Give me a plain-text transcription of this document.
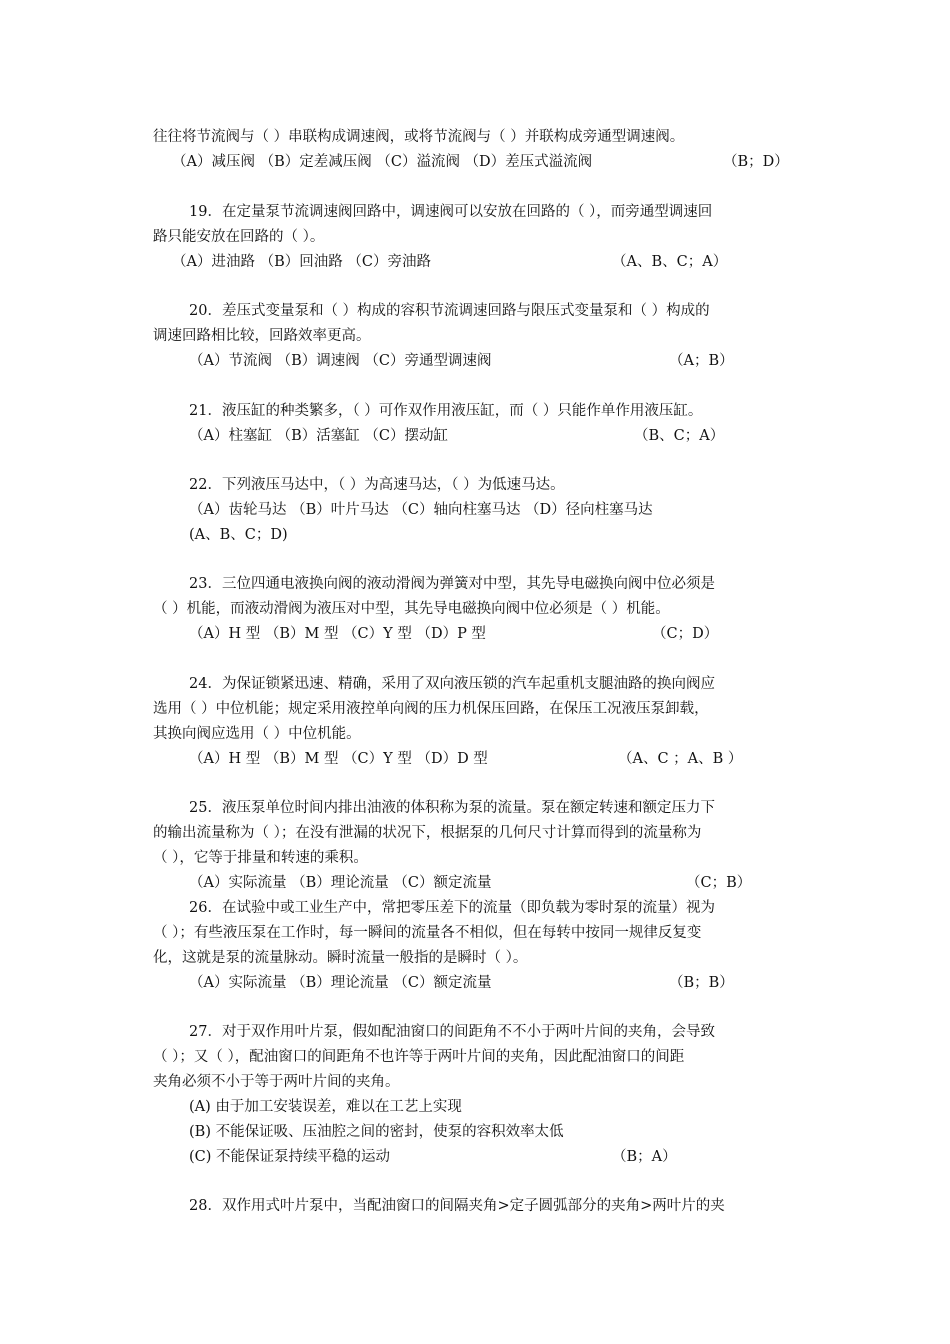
往往将节流阀与（ ）串联构成调速阀，或将节流阀与（ ）并联构成旁通型调速阀。
（A）减压阀 （B）定差减压阀 （C）溢流阀 （D）差压式溢流阀	（B；D）
19．在定量泵节流调速阀回路中，调速阀可以安放在回路的（ ），而旁通型调速回
路只能安放在回路的（ ）。
（A）进油路 （B）回油路 （C）旁油路	（A、B、C；A）
20．差压式变量泵和（ ）构成的容积节流调速回路与限压式变量泵和（ ）构成的
调速回路相比较，回路效率更高。
（A）节流阀 （B）调速阀 （C）旁通型调速阀	（A；B）
21．液压缸的种类繁多，（ ）可作双作用液压缸，而（ ）只能作单作用液压缸。
（A）柱塞缸 （B）活塞缸 （C）摆动缸	（B、C；A）
22．下列液压马达中，（ ）为高速马达，（ ）为低速马达。
（A）齿轮马达 （B）叶片马达 （C）轴向柱塞马达 （D）径向柱塞马达
(A、B、C；D)
23．三位四通电液换向阀的液动滑阀为弹簧对中型，其先导电磁换向阀中位必须是
（ ）机能，而液动滑阀为液压对中型，其先导电磁换向阀中位必须是（ ）机能。
（A）H 型 （B）M 型 （C）Y 型 （D）P 型	（C；D）
24．为保证锁紧迅速、精确，采用了双向液压锁的汽车起重机支腿油路的换向阀应
选用（ ）中位机能；规定采用液控单向阀的压力机保压回路，在保压工况液压泵卸载，
其换向阀应选用（ ）中位机能。
（A）H 型 （B）M 型 （C）Y 型 （D）D 型	（A、C ；A、B ）
25．液压泵单位时间内排出油液的体积称为泵的流量。泵在额定转速和额定压力下
的输出流量称为（ ）；在没有泄漏的状况下，根据泵的几何尺寸计算而得到的流量称为
（ ），它等于排量和转速的乘积。
（A）实际流量 （B）理论流量 （C）额定流量	（C；B）
26．在试验中或工业生产中，常把零压差下的流量（即负载为零时泵的流量）视为
（ ）；有些液压泵在工作时，每一瞬间的流量各不相似，但在每转中按同一规律反复变
化，这就是泵的流量脉动。瞬时流量一般指的是瞬时（ ）。
（A）实际流量 （B）理论流量 （C）额定流量	（B；B）
27．对于双作用叶片泵，假如配油窗口的间距角不不小于两叶片间的夹角，会导致
（ ）；又（ ），配油窗口的间距角不也许等于两叶片间的夹角，因此配油窗口的间距
夹角必须不小于等于两叶片间的夹角。
(A) 由于加工安装误差，难以在工艺上实现
(B) 不能保证吸、压油腔之间的密封，使泵的容积效率太低
(C) 不能保证泵持续平稳的运动	（B；A）
28．双作用式叶片泵中，当配油窗口的间隔夹角>定子圆弧部分的夹角>两叶片的夹
